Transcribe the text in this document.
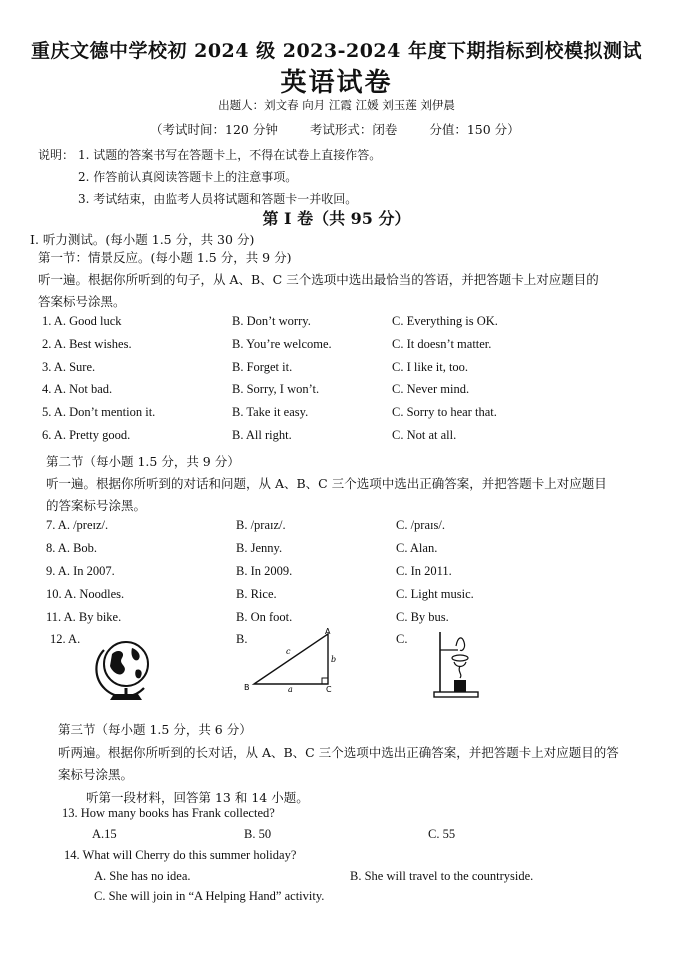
重庆文德中学校初 2024 级 2023-2024 年度下期指标到校模拟测试
英语试卷
出题人：刘文春 向月 江霞 江媛 刘玉莲 刘伊晨
（考试时间：120 分钟	考试形式：闭卷	分值：150 分）
说明： 1. 试题的答案书写在答题卡上，不得在试卷上直接作答。
2. 作答前认真阅读答题卡上的注意事项。
3. 考试结束，由监考人员将试题和答题卡一并收回。
第 I 卷（共 95 分）
I. 听力测试。(每小题 1.5 分，共 30 分)
第一节：情景反应。(每小题 1.5 分，共 9 分)
听一遍。根据你所听到的句子，从 A、B、C 三个选项中选出最恰当的答语，并把答题卡上对应题目的
答案标号涂黑。
1. A. Good luck	B. Don’t worry.	C. Everything is OK.
2. A. Best wishes.	B. You’re welcome.	C. It doesn’t matter.
3. A. Sure.	B. Forget it.	C. I like it, too.
4. A. Not bad.	B. Sorry, I won’t.	C. Never mind.
5. A. Don’t mention it.	B. Take it easy.	C. Sorry to hear that.
6. A. Pretty good.	B. All right.	C. Not at all.
第二节（每小题 1.5 分，共 9 分）
听一遍。根据你所听到的对话和问题，从 A、B、C 三个选项中选出正确答案，并把答题卡上对应题目
的答案标号涂黑。
7. A. /preɪz/.	B. /praɪz/.	C. /praɪs/.
8. A. Bob.	B. Jenny.	C. Alan.
9. A. In 2007.	B. In 2009.	C. In 2011.
10. A. Noodles.	B. Rice.	C. Light music.
11. A. By bike.	B. On foot.	C. By bus.
12. A.	B.	C.
A
B	C
a
b
c
第三节（每小题 1.5 分，共 6 分）
听两遍。根据你所听到的长对话，从 A、B、C 三个选项中选出正确答案，并把答题卡上对应题目的答
案标号涂黑。
听第一段材料，回答第 13 和 14 小题。
13. How many books has Frank collected?
A.15	B. 50	C. 55
14. What will Cherry do this summer holiday?
A. She has no idea.	B. She will travel to the countryside.
C. She will join in “A Helping Hand” activity.
